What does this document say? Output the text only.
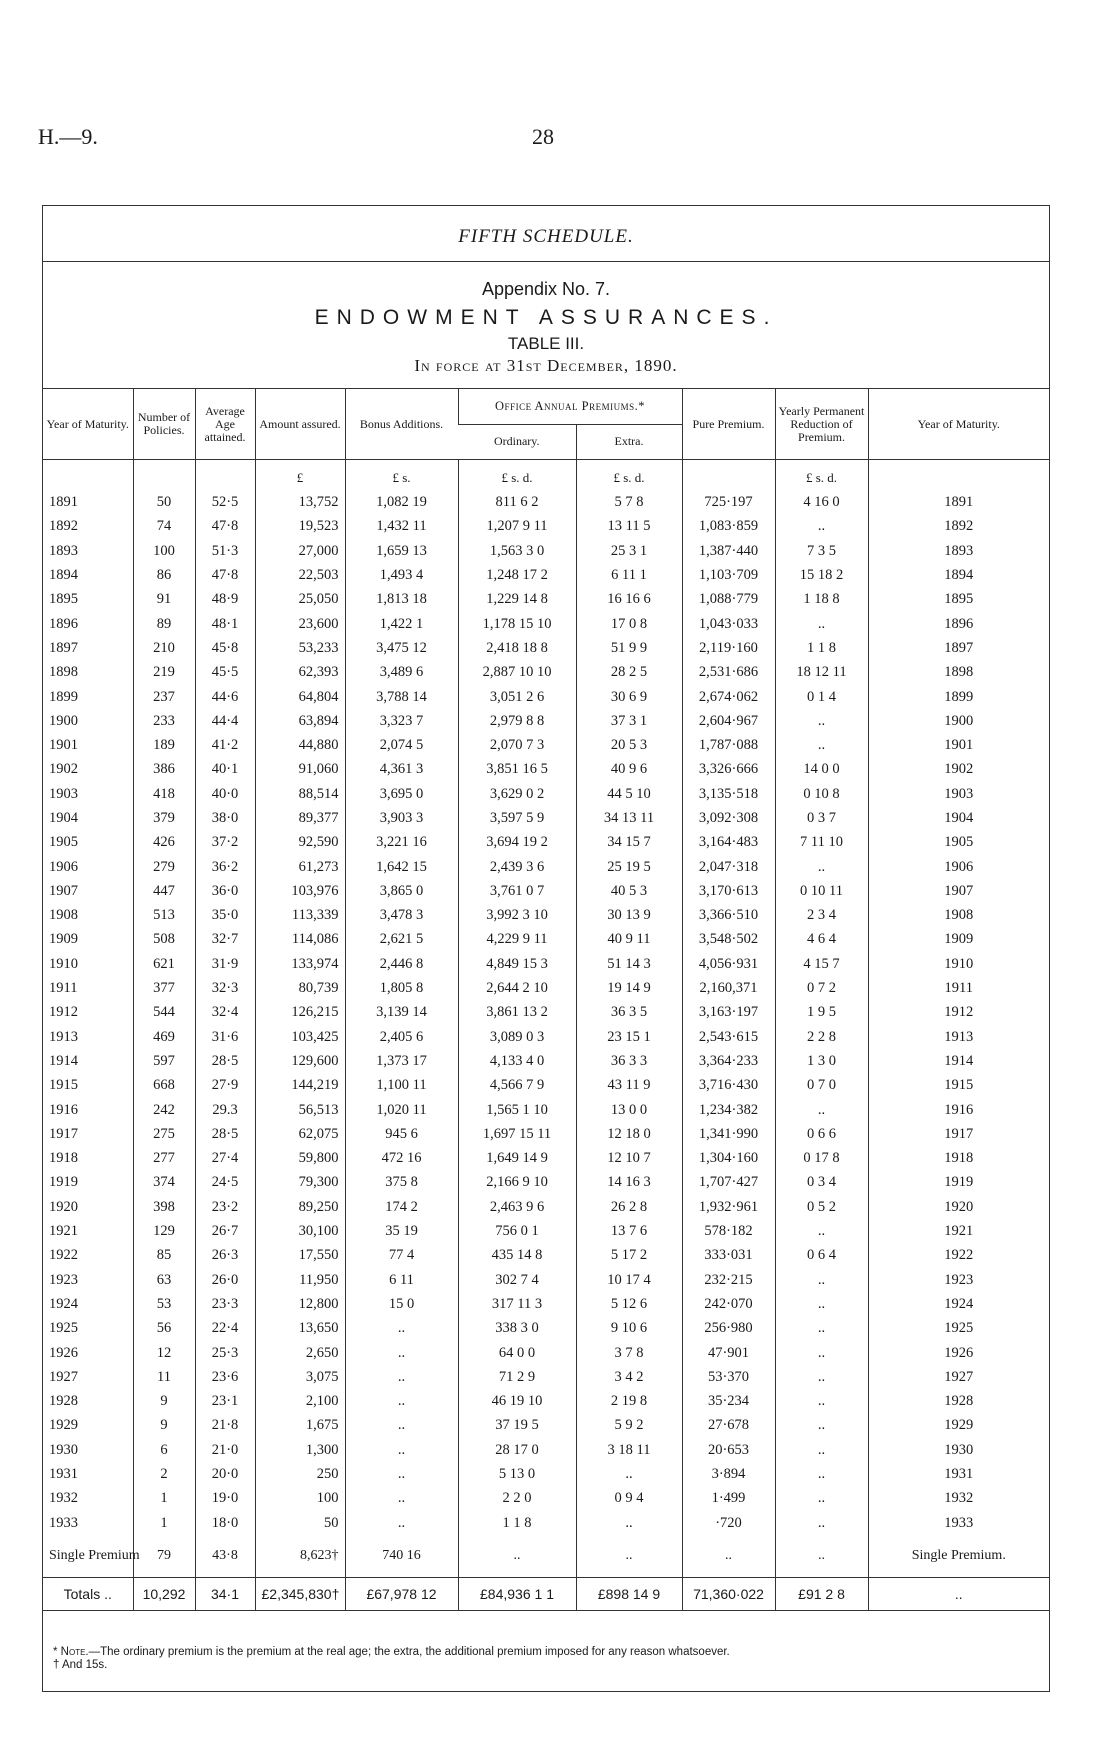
H.—9.	28
FIFTH SCHEDULE.
Appendix No. 7.
ENDOWMENT ASSURANCES.
TABLE III.
In force at 31st December, 1890.
Year of Maturity.	Number of Policies.	Average Age attained.	Amount assured.	Bonus Additions.	Office Annual Premiums.*		Pure Premium.	Yearly Permanent Reduction of Premium.	Year of Maturity.
					Ordinary.	Extra.			
			£	£ s.	£ s. d.	£ s. d.		£ s. d.	
1891	50	52·5	13,752	1,082 19	811 6 2	5 7 8	725·197	4 16 0	1891
1892	74	47·8	19,523	1,432 11	1,207 9 11	13 11 5	1,083·859	..	1892
1893	100	51·3	27,000	1,659 13	1,563 3 0	25 3 1	1,387·440	7 3 5	1893
1894	86	47·8	22,503	1,493 4	1,248 17 2	6 11 1	1,103·709	15 18 2	1894
1895	91	48·9	25,050	1,813 18	1,229 14 8	16 16 6	1,088·779	1 18 8	1895
1896	89	48·1	23,600	1,422 1	1,178 15 10	17 0 8	1,043·033	..	1896
1897	210	45·8	53,233	3,475 12	2,418 18 8	51 9 9	2,119·160	1 1 8	1897
1898	219	45·5	62,393	3,489 6	2,887 10 10	28 2 5	2,531·686	18 12 11	1898
1899	237	44·6	64,804	3,788 14	3,051 2 6	30 6 9	2,674·062	0 1 4	1899
1900	233	44·4	63,894	3,323 7	2,979 8 8	37 3 1	2,604·967	..	1900
1901	189	41·2	44,880	2,074 5	2,070 7 3	20 5 3	1,787·088	..	1901
1902	386	40·1	91,060	4,361 3	3,851 16 5	40 9 6	3,326·666	14 0 0	1902
1903	418	40·0	88,514	3,695 0	3,629 0 2	44 5 10	3,135·518	0 10 8	1903
1904	379	38·0	89,377	3,903 3	3,597 5 9	34 13 11	3,092·308	0 3 7	1904
1905	426	37·2	92,590	3,221 16	3,694 19 2	34 15 7	3,164·483	7 11 10	1905
1906	279	36·2	61,273	1,642 15	2,439 3 6	25 19 5	2,047·318	..	1906
1907	447	36·0	103,976	3,865 0	3,761 0 7	40 5 3	3,170·613	0 10 11	1907
1908	513	35·0	113,339	3,478 3	3,992 3 10	30 13 9	3,366·510	2 3 4	1908
1909	508	32·7	114,086	2,621 5	4,229 9 11	40 9 11	3,548·502	4 6 4	1909
1910	621	31·9	133,974	2,446 8	4,849 15 3	51 14 3	4,056·931	4 15 7	1910
1911	377	32·3	80,739	1,805 8	2,644 2 10	19 14 9	2,160,371	0 7 2	1911
1912	544	32·4	126,215	3,139 14	3,861 13 2	36 3 5	3,163·197	1 9 5	1912
1913	469	31·6	103,425	2,405 6	3,089 0 3	23 15 1	2,543·615	2 2 8	1913
1914	597	28·5	129,600	1,373 17	4,133 4 0	36 3 3	3,364·233	1 3 0	1914
1915	668	27·9	144,219	1,100 11	4,566 7 9	43 11 9	3,716·430	0 7 0	1915
1916	242	29.3	56,513	1,020 11	1,565 1 10	13 0 0	1,234·382	..	1916
1917	275	28·5	62,075	945 6	1,697 15 11	12 18 0	1,341·990	0 6 6	1917
1918	277	27·4	59,800	472 16	1,649 14 9	12 10 7	1,304·160	0 17 8	1918
1919	374	24·5	79,300	375 8	2,166 9 10	14 16 3	1,707·427	0 3 4	1919
1920	398	23·2	89,250	174 2	2,463 9 6	26 2 8	1,932·961	0 5 2	1920
1921	129	26·7	30,100	35 19	756 0 1	13 7 6	578·182	..	1921
1922	85	26·3	17,550	77 4	435 14 8	5 17 2	333·031	0 6 4	1922
1923	63	26·0	11,950	6 11	302 7 4	10 17 4	232·215	..	1923
1924	53	23·3	12,800	15 0	317 11 3	5 12 6	242·070	..	1924
1925	56	22·4	13,650	..	338 3 0	9 10 6	256·980	..	1925
1926	12	25·3	2,650	..	64 0 0	3 7 8	47·901	..	1926
1927	11	23·6	3,075	..	71 2 9	3 4 2	53·370	..	1927
1928	9	23·1	2,100	..	46 19 10	2 19 8	35·234	..	1928
1929	9	21·8	1,675	..	37 19 5	5 9 2	27·678	..	1929
1930	6	21·0	1,300	..	28 17 0	3 18 11	20·653	..	1930
1931	2	20·0	250	..	5 13 0	..	3·894	..	1931
1932	1	19·0	100	..	2 2 0	0 9 4	1·499	..	1932
1933	1	18·0	50	..	1 1 8	..	·720	..	1933
Single Premium	79	43·8	8,623†	740 16	..	..	..	..	Single Premium.
Totals ..	10,292	34·1	£2,345,830†	£67,978 12	£84,936 1 1	£898 14 9	71,360·022	£91 2 8	..
* Note.—The ordinary premium is the premium at the real age; the extra, the additional premium imposed for any reason whatsoever.
† And 15s.
